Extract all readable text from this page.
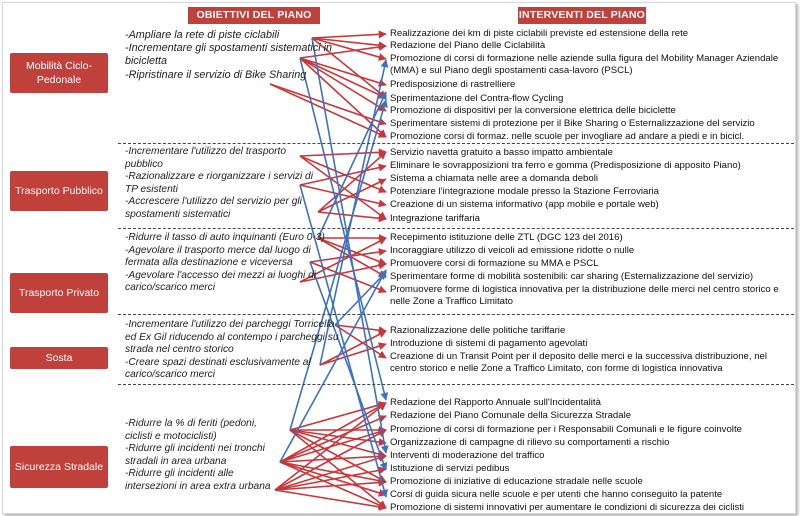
OBIETTIVI DEL PIANO	INTERVENTI DEL PIANO
Mobilità Ciclo-Pedonale
Trasporto Pubblico
Trasporto Privato
Sosta
Sicurezza Stradale

-Ampliare la rete di piste ciclabili

-Incrementare gli spostamenti sistematici in bicicletta

-Ripristinare il servizio di Bike Sharing

-Incrementare l'utilizzo del trasporto pubblico

-Razionalizzare e riorganizzare i servizi di TP esistenti

-Accrescere l'utilizzo del servizio per gli spostamenti sistematici

-Ridurre il tasso di auto inquinanti (Euro 0-3)

-Agevolare il trasporto merce dal luogo di fermata alla destinazione e viceversa

-Agevolare l'accesso dei mezzi ai luoghi di carico/scarico merci

-Incrementare l'utilizzo dei parcheggi Torricella ed Ex Gil riducendo al contempo i parcheggi su strada nel centro storico

-Creare spazi destinati esclusivamente al carico/scarico merci

-Ridurre la % di feriti (pedoni, ciclisti e motociclisti)

-Ridurre gli incidenti nei tronchi stradali in area urbana

-Ridurre gli incidenti alle intersezioni in area extra urbana

Realizzazione dei km di piste ciclabili previste ed estensione della rete
Redazione del Piano delle Ciclabilità
Promozione di corsi di formazione nelle aziende sulla figura del Mobility Manager Aziendale (MMA) e sul Piano degli spostamenti casa-lavoro (PSCL)
Predisposizione di rastrelliere
Sperimentazione del Contra-flow Cycling
Promozione di dispositivi per la conversione elettrica delle biciclette
Sperimentare sistemi di protezione per il Bike Sharing o Esternalizzazione del servizio
Promozione corsi di formaz. nelle scuole per invogliare ad andare a piedi e in bicicl.
Servizio navetta gratuito a basso impatto ambientale
Eliminare le sovrapposizioni tra ferro e gomma (Predisposizione di apposito Piano)
Sistema a chiamata nelle aree a domanda deboli
Potenziare l'integrazione modale presso la Stazione Ferroviaria
Creazione di un sistema informativo (app mobile e portale web)
Integrazione tariffaria
Recepimento istituzione delle ZTL (DGC 123 del 2016)
Incoraggiare utilizzo di veicoli ad emissione ridotte o nulle
Promuovere corsi di formazione su MMA e PSCL
Sperimentare forme di mobilità sostenibili: car sharing (Esternalizzazione del servizio)
Promuovere forme di logistica innovativa per la distribuzione delle merci nel centro storico e nelle Zone a Traffico Limitato
Razionalizzazione delle politiche tariffarie
Introduzione di sistemi di pagamento agevolati
Creazione di un Transit Point per il deposito delle merci e la successiva distribuzione, nel centro storico e nelle Zone a Traffico Limitato, con forme di logistica innovativa
Redazione del Rapporto Annuale sull'Incidentalità
Redazione del Piano Comunale della Sicurezza Stradale
Promozione di corsi di formazione per i Responsabili Comunali e le figure coinvolte
Organizzazione di campagne di rilievo su comportamenti a rischio
Interventi di moderazione del traffico
Istituzione di servizi pedibus
Promozione di iniziative di educazione stradale nelle scuole
Corsi di guida sicura nelle scuole e per utenti che hanno conseguito la patente
Promozione di sistemi innovativi per aumentare le condizioni di sicurezza dei ciclisti
